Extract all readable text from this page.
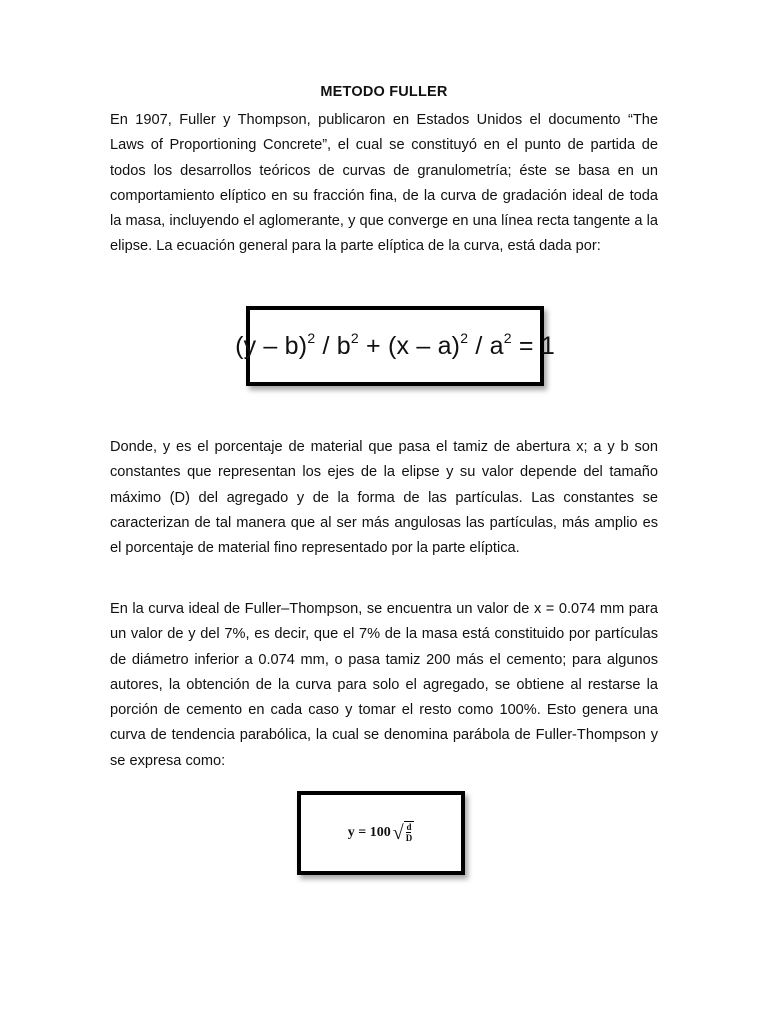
METODO FULLER

En 1907, Fuller y Thompson, publicaron en Estados Unidos el documento “The Laws of Proportioning Concrete”, el cual se constituyó en el punto de partida de todos los desarrollos teóricos de curvas de granulometría; éste se basa en un comportamiento elíptico en su fracción fina, de la curva de gradación ideal de toda la masa, incluyendo el aglomerante, y que converge en una línea recta tangente a la elipse. La ecuación general para la parte elíptica de la curva, está dada por:

$(y - b)^2 / b^2 + (x - a)^2 / a^2 = 1$

Donde, y es el porcentaje de material que pasa el tamiz de abertura x; a y b son constantes que representan los ejes de la elipse y su valor depende del tamaño máximo (D) del agregado y de la forma de las partículas. Las constantes se caracterizan de tal manera que al ser más angulosas las partículas, más amplio es el porcentaje de material fino representado por la parte elíptica.

En la curva ideal de Fuller–Thompson, se encuentra un valor de x = 0.074 mm para un valor de y del 7%, es decir, que el 7% de la masa está constituido por partículas de diámetro inferior a 0.074 mm, o pasa tamiz 200 más el cemento; para algunos autores, la obtención de la curva para solo el agregado, se obtiene al restarse la porción de cemento en cada caso y tomar el resto como 100%. Esto genera una curva de tendencia parabólica, la cual se denomina parábola de Fuller-Thompson y se expresa como:

y = 100 √ $\frac{d}{D}$
